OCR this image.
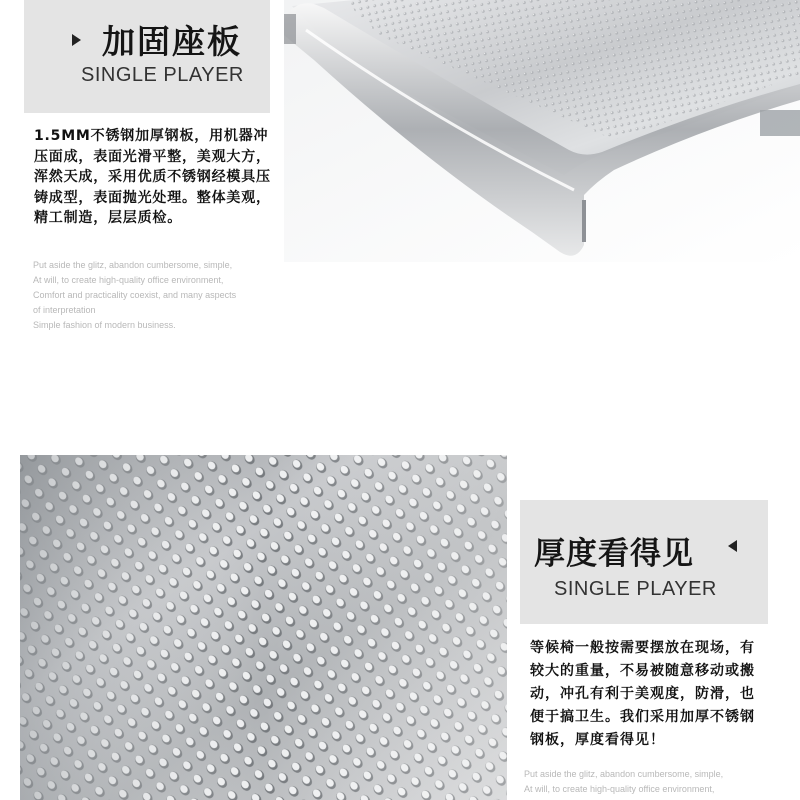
加固座板
SINGLE PLAYER
1.5MM不锈钢加厚钢板，用机器冲压面成，表面光滑平整，美观大方，浑然天成，采用优质不锈钢经模具压铸成型，表面抛光处理。整体美观，精工制造，层层质检。
Put aside the glitz, abandon cumbersome, simple,
At will, to create high-quality office environment,
Comfort and practicality coexist, and many aspects
of interpretation
Simple fashion of modern business.
厚度看得见
SINGLE PLAYER
等候椅一般按需要摆放在现场，有较大的重量，不易被随意移动或搬动，冲孔有利于美观度，防滑，也便于搞卫生。我们采用加厚不锈钢钢板，厚度看得见！
Put aside the glitz, abandon cumbersome, simple,
At will, to create high-quality office environment,
